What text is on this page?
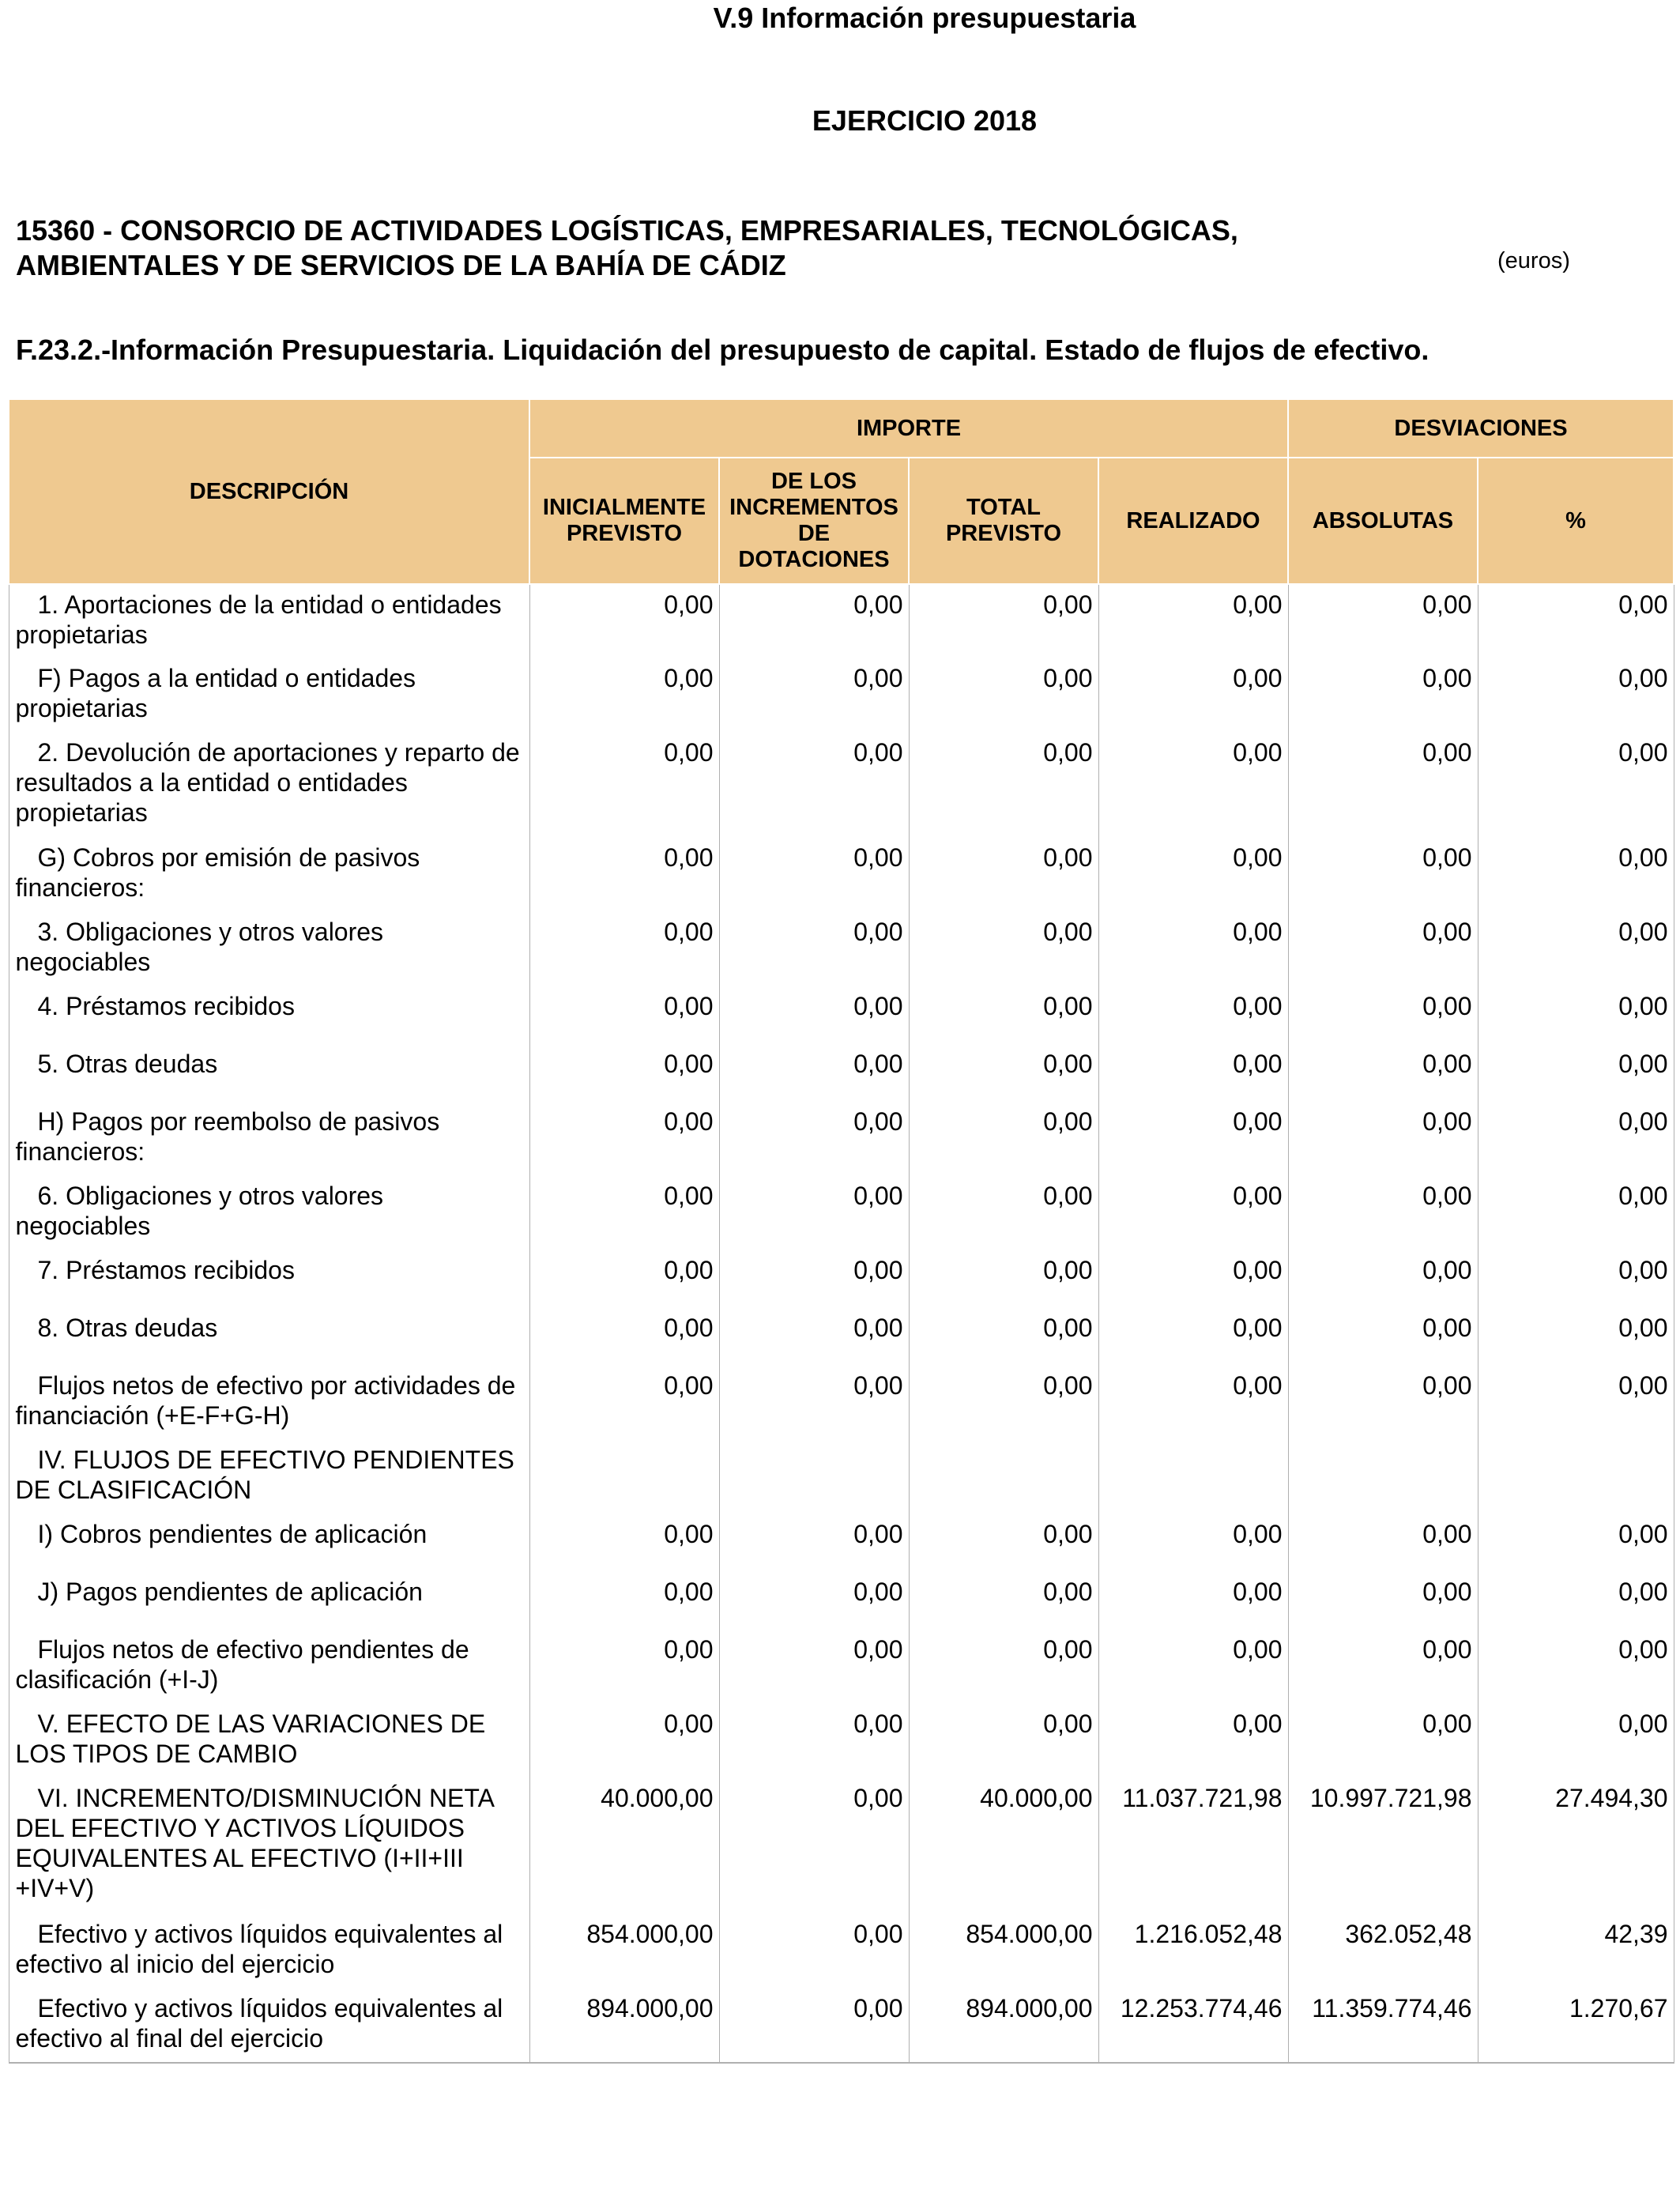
V.9 Información presupuestaria
EJERCICIO 2018
15360 - CONSORCIO DE ACTIVIDADES LOGÍSTICAS, EMPRESARIALES, TECNOLÓGICAS,
AMBIENTALES Y DE SERVICIOS DE LA BAHÍA DE CÁDIZ	(euros)
F.23.2.-Información Presupuestaria. Liquidación del presupuesto de capital. Estado de flujos de efectivo.
DESCRIPCIÓN	IMPORTE				DESVIACIONES	
	INICIALMENTE PREVISTO	DE LOS INCREMENTOS DE DOTACIONES	TOTAL PREVISTO	REALIZADO	ABSOLUTAS	%
1. Aportaciones de la entidad o entidades propietarias	0,00	0,00	0,00	0,00	0,00	0,00
F) Pagos a la entidad o entidades propietarias	0,00	0,00	0,00	0,00	0,00	0,00
2. Devolución de aportaciones y reparto de resultados a la entidad o entidades propietarias	0,00	0,00	0,00	0,00	0,00	0,00
G) Cobros por emisión de pasivos financieros:	0,00	0,00	0,00	0,00	0,00	0,00
3. Obligaciones y otros valores negociables	0,00	0,00	0,00	0,00	0,00	0,00
4. Préstamos recibidos	0,00	0,00	0,00	0,00	0,00	0,00
5. Otras deudas	0,00	0,00	0,00	0,00	0,00	0,00
H) Pagos por reembolso de pasivos financieros:	0,00	0,00	0,00	0,00	0,00	0,00
6. Obligaciones y otros valores negociables	0,00	0,00	0,00	0,00	0,00	0,00
7. Préstamos recibidos	0,00	0,00	0,00	0,00	0,00	0,00
8. Otras deudas	0,00	0,00	0,00	0,00	0,00	0,00
Flujos netos de efectivo por actividades de financiación (+E-F+G-H)	0,00	0,00	0,00	0,00	0,00	0,00
IV. FLUJOS DE EFECTIVO PENDIENTES DE CLASIFICACIÓN						
I) Cobros pendientes de aplicación	0,00	0,00	0,00	0,00	0,00	0,00
J) Pagos pendientes de aplicación	0,00	0,00	0,00	0,00	0,00	0,00
Flujos netos de efectivo pendientes de clasificación (+I-J)	0,00	0,00	0,00	0,00	0,00	0,00
V. EFECTO DE LAS VARIACIONES DE LOS TIPOS DE CAMBIO	0,00	0,00	0,00	0,00	0,00	0,00
VI. INCREMENTO/DISMINUCIÓN NETA DEL EFECTIVO Y ACTIVOS LÍQUIDOS EQUIVALENTES AL EFECTIVO (I+II+III +IV+V)	40.000,00	0,00	40.000,00	11.037.721,98	10.997.721,98	27.494,30
Efectivo y activos líquidos equivalentes al efectivo al inicio del ejercicio	854.000,00	0,00	854.000,00	1.216.052,48	362.052,48	42,39
Efectivo y activos líquidos equivalentes al efectivo al final del ejercicio	894.000,00	0,00	894.000,00	12.253.774,46	11.359.774,46	1.270,67
